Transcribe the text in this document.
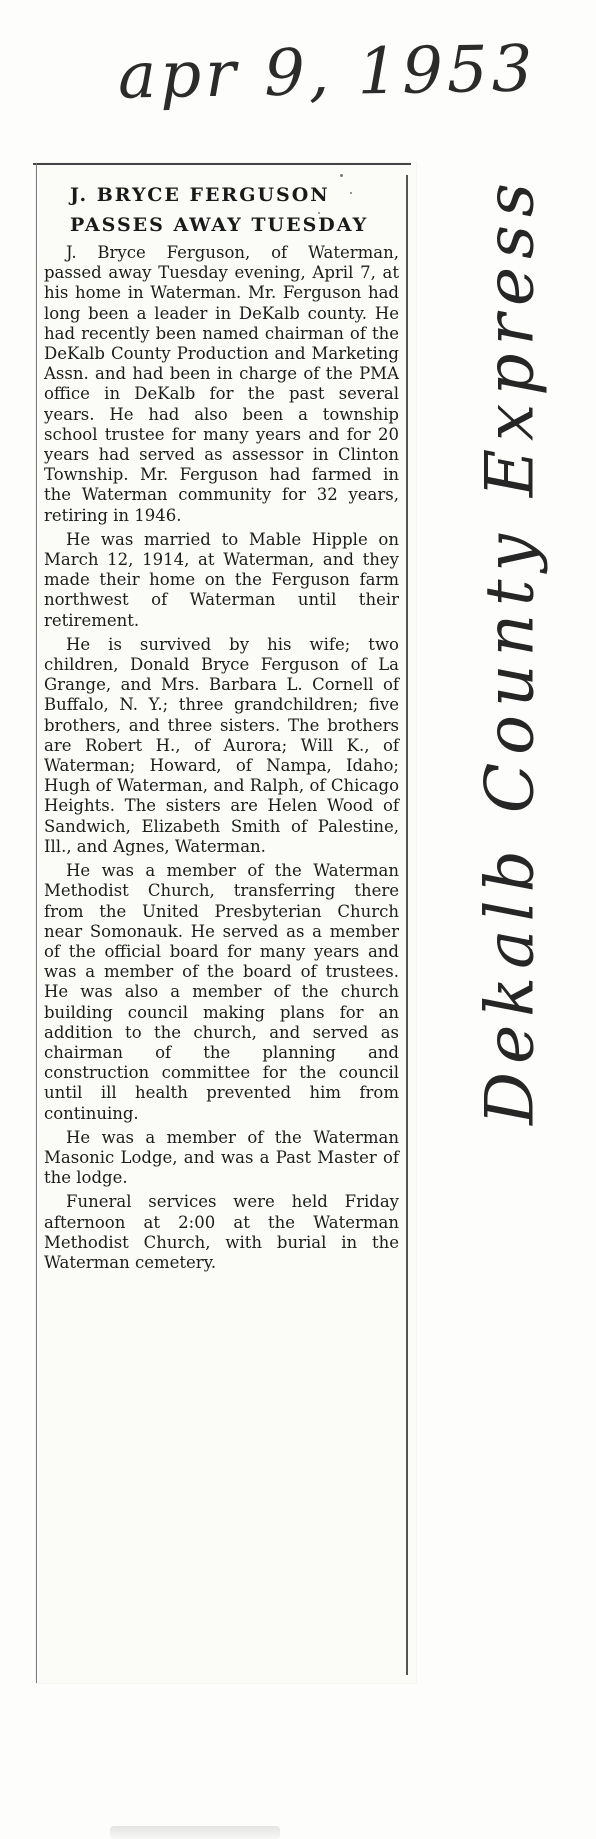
apr 9, 1953
J. BRYCE FERGUSON
PASSES AWAY TUESDAY

J. Bryce Ferguson, of Waterman, passed away Tuesday evening, April 7, at his home in Waterman. Mr. Ferguson had long been a leader in DeKalb county. He had recently been named chairman of the DeKalb County Production and Marketing Assn. and had been in charge of the PMA office in DeKalb for the past several years. He had also been a township school trustee for many years and for 20 years had served as assessor in Clinton Township. Mr. Ferguson had farmed in the Waterman community for 32 years, retiring in 1946.

He was married to Mable Hipple on March 12, 1914, at Waterman, and they made their home on the Ferguson farm northwest of Waterman until their retirement.

He is survived by his wife; two children, Donald Bryce Ferguson of La Grange, and Mrs. Barbara L. Cornell of Buffalo, N. Y.; three grandchildren; five brothers, and three sisters. The brothers are Robert H., of Aurora; Will K., of Waterman; Howard, of Nampa, Idaho; Hugh of Waterman, and Ralph, of Chicago Heights. The sisters are Helen Wood of Sandwich, Elizabeth Smith of Palestine, Ill., and Agnes, Waterman.

He was a member of the Waterman Methodist Church, transferring there from the United Presbyterian Church near Somonauk. He served as a member of the official board for many years and was a member of the board of trustees. He was also a member of the church building council making plans for an addition to the church, and served as chairman of the planning and construction committee for the council until ill health prevented him from continuing.

He was a member of the Waterman Masonic Lodge, and was a Past Master of the lodge.

Funeral services were held Friday afternoon at 2:00 at the Waterman Methodist Church, with burial in the Waterman cemetery.

Dekalb County Express
